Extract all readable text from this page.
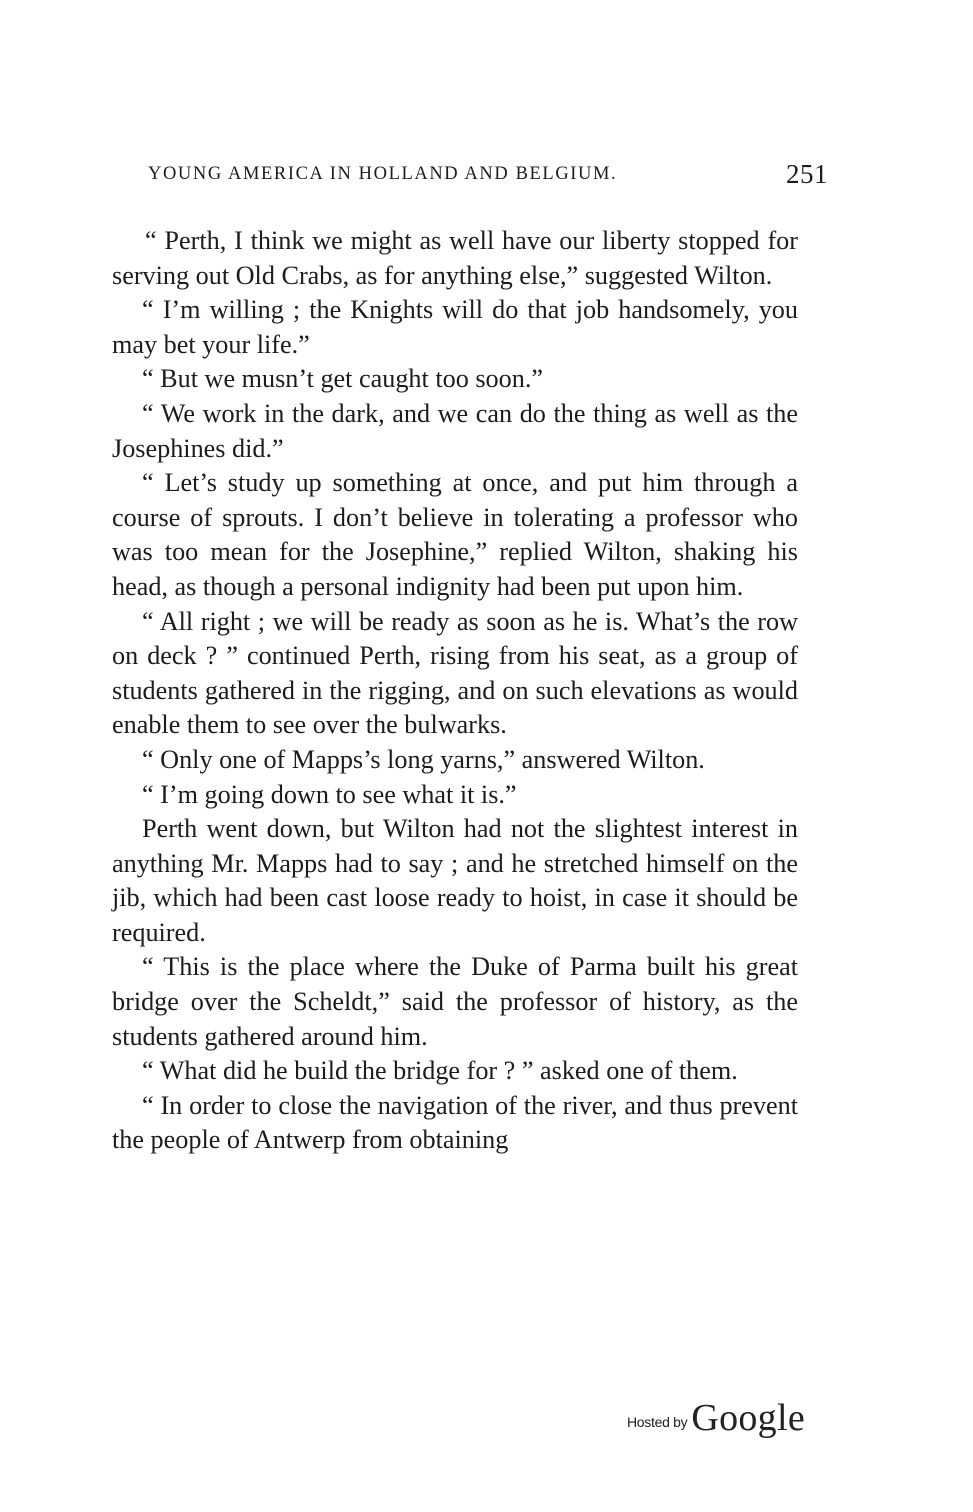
YOUNG AMERICA IN HOLLAND AND BELGIUM.	251

“ Perth, I think we might as well have our liberty stopped for serving out Old Crabs, as for anything else,” suggested Wilton.

“ I’m willing ; the Knights will do that job handsomely, you may bet your life.”

“ But we musn’t get caught too soon.”

“ We work in the dark, and we can do the thing as well as the Josephines did.”

“ Let’s study up something at once, and put him through a course of sprouts. I don’t believe in tolerating a professor who was too mean for the Josephine,” replied Wilton, shaking his head, as though a personal indignity had been put upon him.

“ All right ; we will be ready as soon as he is. What’s the row on deck ? ” continued Perth, rising from his seat, as a group of students gathered in the rigging, and on such elevations as would enable them to see over the bulwarks.

“ Only one of Mapps’s long yarns,” answered Wilton.

“ I’m going down to see what it is.”

Perth went down, but Wilton had not the slightest interest in anything Mr. Mapps had to say ; and he stretched himself on the jib, which had been cast loose ready to hoist, in case it should be required.

“ This is the place where the Duke of Parma built his great bridge over the Scheldt,” said the professor of history, as the students gathered around him.

“ What did he build the bridge for ? ” asked one of them.

“ In order to close the navigation of the river, and thus prevent the people of Antwerp from obtaining

Hosted by Google
